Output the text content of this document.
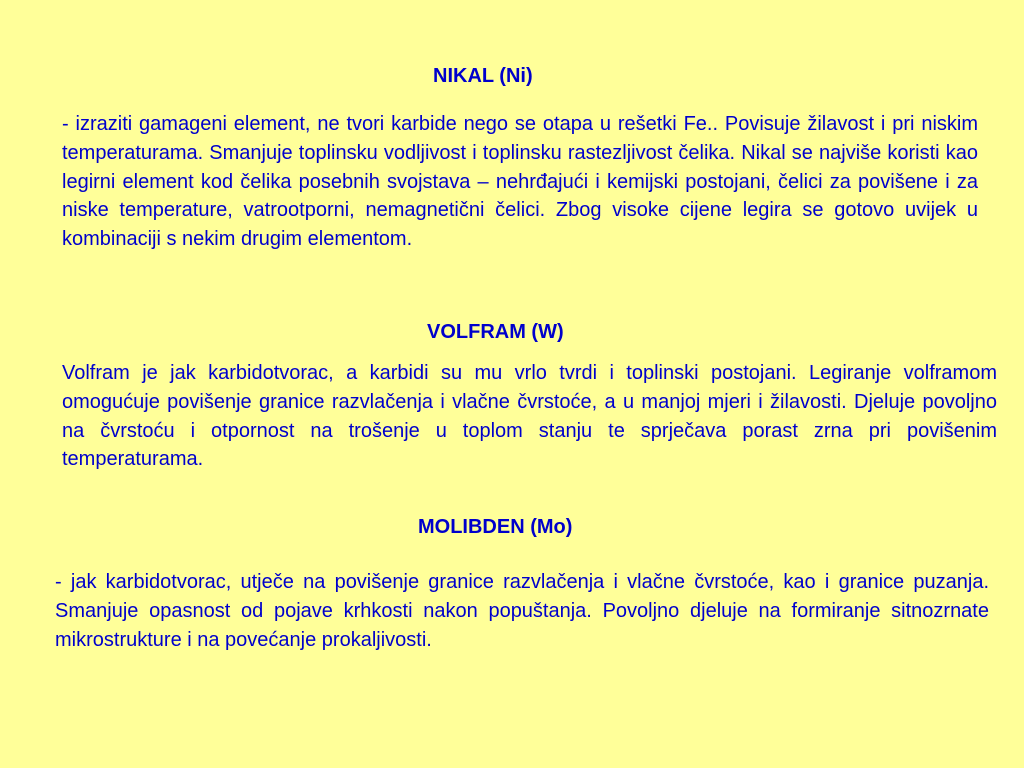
NIKAL (Ni)

- izraziti gamageni element, ne tvori karbide nego se otapa u rešetki Fe.. Povisuje žilavost i pri niskim temperaturama. Smanjuje toplinsku vodljivost i toplinsku rastezljivost čelika. Nikal se najviše koristi kao legirni element kod čelika posebnih svojstava – nehrđajući i kemijski postojani, čelici za povišene i za niske temperature, vatrootporni, nemagnetični čelici. Zbog visoke cijene legira se gotovo uvijek u kombinaciji s nekim drugim elementom.

VOLFRAM (W)

Volfram je jak karbidotvorac, a karbidi su mu vrlo tvrdi i toplinski postojani. Legiranje volframom omogućuje povišenje granice razvlačenja i vlačne čvrstoće, a u manjoj mjeri i žilavosti. Djeluje povoljno na čvrstoću i otpornost na trošenje u toplom stanju te sprječava porast zrna pri povišenim temperaturama.

MOLIBDEN (Mo)

- jak karbidotvorac, utječe na povišenje granice razvlačenja i vlačne čvrstoće, kao i granice puzanja. Smanjuje opasnost od pojave krhkosti nakon popuštanja. Povoljno djeluje na formiranje sitnozrnate mikrostrukture i na povećanje prokaljivosti.
